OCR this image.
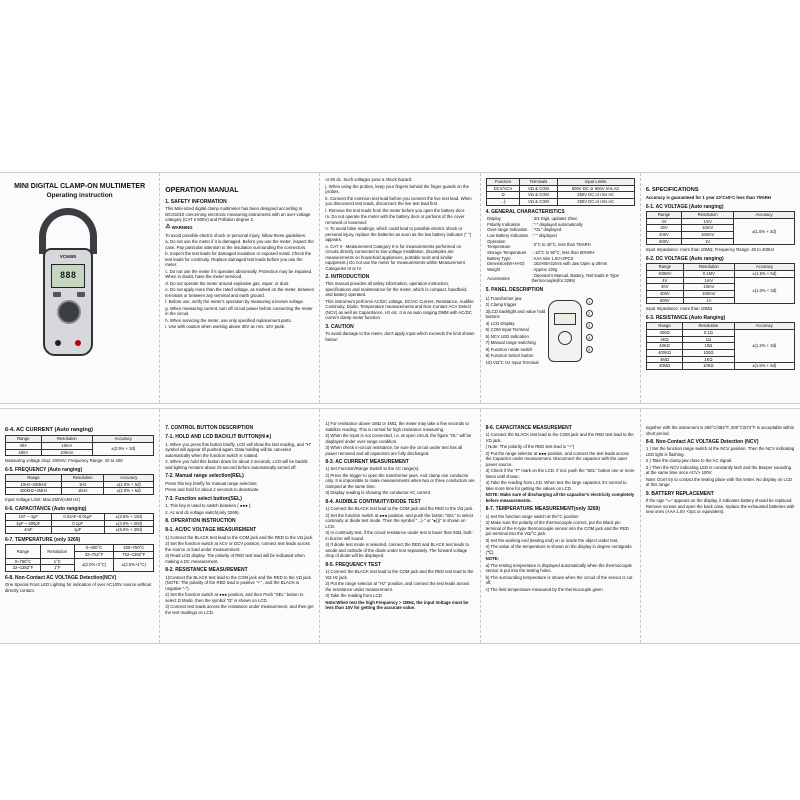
MINI DIGITAL CLAMP-ON MULTIMETER
Operating instruction
VC6080
888
OPERATION MANUAL
1. SAFETY INFORMATION

This Mini-sized digital clamp multimeter has been designed according to IEC61010 concerning electronic measuring instruments with an over-voltage category (CAT II 600V) and Pollution degree 2.

⚠ WARNING

To avoid possible electric shock or personal injury, follow these guidelines:

a. Do not use the meter if it is damaged. Before you use the meter, inspect the case. Pay particular attention to the insulation surrounding the connectors.

b. Inspect the test leads for damaged insulation or exposed metal. Check the test leads for continuity. Replace damaged test leads before you use the meter.

c. Do not use the meter if it operates abnormally. Protection may be impaired. When in doubt, have the meter serviced.

d. Do not operate the meter around explosive gas, vapor, or dust.

e. Do not apply more than the rated voltage, as marked on the meter, between terminals or between any terminal and earth ground.

f. Before use, verify the meter's operation by measuring a known voltage.

g. When measuring current, turn off circuit power before connecting the meter in the circuit.

h. When servicing the meter, use only specified replacement parts.

i. Use with caution when working above 30V ac rms, 42V peak,

or 60 dc. Such voltages pose a shock hazard.

j. When using the probes, keep your fingers behind the finger guards on the probes.

k. Connect the common test lead before you connect the live test lead. When you disconnect test leads, disconnect the live test lead first.

l. Remove the test leads from the meter before you open the battery door.

m. Do not operate the meter with the battery door or portions of the cover removed or loosened.

n. To avoid false readings, which could lead to possible electric shock or personal injury, replace the batteries as soon as the low battery indicator (" ") appears.

o. CAT II - Measurement Category II is for measurements performed on circuits directly connected to low voltage installation. (Examples are measurements on household appliances, portable tools and similar equipment.) Do not use the meter for measurements within Measurement Categories III or IV.

2. INTRODUCTION

This manual provides all safety information, operation instruction, specifications and maintenance for the meter, which is compact, handheld, and battery operated.

This instrument performs AC/DC voltage, DC/AC Current, Resistance, Audible Continuity, Diode, Temperature measurements and Non-Contact ACV Detect (NCV) as well as Capacitance, Hz etc. It is an auto ranging DMM with AC/DC current clamp meter function.

3. CAUTION

To avoid damage to the meter, don't apply input which exceeds the limit shown below:

Function	Terminals	Input Limits
DCV/ACV	VΩ & COM	600V DC or 600V rms AC
Ω	VΩ & COM	250V DC or rms AC
→|-	VΩ & COM	250V DC or rms AC
4. GENERAL CHARACTERISTICS
Display	: 3/4 Digit, updates 2/sec
Polarity Indication	: "-" displayed automatically
Over-range Indication	: "OL" displayed
Low Battery Indication	: " " displayed
Operation Temperature	: 0°C to 40°C, less than 75%RH
Storage Temperature	: -10°C to 50°C, less than 80%RH
Battery Type	: AAA size 1.5V×2PCS
Dimension(W×H×D)	: 183×65×32mm with Jaw Open φ 28mm
Weight	: Approx 130g
Accessories	: Operator's Manual, Battery, Test leads K-Type thermocouple(for 3269)
5. PANEL DESCRIPTION

1) Transformer jaw

2) Clamp trigger

3)LCD backlight and value hold buttons

4) LCD Display

5) COM Input Terminal

6) NCV LED Indication

7) Manual range switching

8) Function rotate switch

9) Function Select button

10) VΩ°C Hz Input Terminal

1
2
3
4
5
6. SPECIFICATIONS

Accuracy is guaranteed for 1 year 23°C±5°C less than 75%RH

6-1. AC VOLTAGE (Auto ranging)
Range	Resolution	Accuracy
4V	1mV	±(1.5% + 3d)
40V	10mV	
400V	100mV	
600V	1V	

Input Impedance: more than 10MΩ; Frequency Range: 40 to 400Hz

6-2. DC VOLTAGE (Auto ranging)
Range	Resolution	Accuracy
400MV	0.1MV	±(1.5% + 5d)
4V	1mV	±(1.0% + 3d)
40V	10mV	
400V	100mV	
600V	1V	

Input Impedance: more than 10MΩ

6-3. RESISTANCE (Auto Ranging)
Range	Resolution	Accuracy
400Ω	0.1Ω	±(1.2% + 3d)
4KΩ	1Ω	
40KΩ	10Ω	
400KΩ	100Ω	
4MΩ	1KΩ	
40MΩ	10KΩ	±(1.5% + 5d)
6-4. AC CURRENT (Auto ranging)
Range	Resolution	Accuracy
40A	10mA	±(2.5% + 3d)
400A	100mA	

Measuring voltage drop: 200mV; Frequency Range: 40 to 400

6-5. FREQUENCY (Auto ranging)
Range	Resolution	Accuracy
10Hz~400kHz	1Hz	±(1.0% + 5d)
400kHz~4MHz	1kHz	±(2.0% + 5d)

Input Voltage Limit: Max.250V(<4M Hz)

6-6. CAPACITANCE (Auto ranging)
1nF ~ 4μF	0.01nF~0.01μF	±(2.5% + 10d)
4μF ~ 400μF	0.1μF	±(4.0% + 20d)
4mF	1μF	±(5.0% + 30d)
6-7. TEMPERATURE (only 3269)
Range	Resolution	0~400°C	400~750°C
		32~752°F	752~1382°F
0~750°C	1°C	±(2.0%+3°C)	±(2.5%+1°C)
32~1382°F	1°F		
6-8. Non-Contact AC VOLTAGE Detection(NCV)

One Special Front LED Lighting for indication of over AC100V source without directly contact.

7. CONTROL BUTTON DESCRIPTION
7-1. HOLD AND LCD BACKLIT BUTTON(H/☀)

1. When you press this button briefly, LCD will show the last reading, and "H" symbol will appear till pushed again. Data holding will be canceled automatically when the function switch is rotated.

2. When you hold this button down for about 2 seconds, LCD will be backlit and lighting remains about 15 second before automatically turned off.

7-2. Manual range selection(REL)

Press this key briefly for manual range selection;

Press and hold for about 2 seconds to deactivate.

7-3. Function select button(SEL)

1. This key is used to switch between ( ●●● );

2. Ac and dc voltage switch(only 3269).

8. OPERATION INSTRUCTION
8-1. AC/DC VOLTAGE MEASUREMENT

1) Connect the BLACK test lead to the COM jack and the RED to the VΩ jack.

2) Set the function switch at ACV or DCV position, connect test leads across the source or load under measurement.

3) Read LCD display. The polarity of RED test lead will be indicated when making a DC measurement.

8-2. RESISTANCE MEASUREMENT

1)Connect the BLACK test lead to the COM jack and the RED to the VΩ jack. (NOTE: The polarity of the RED lead is positive "+" , and the BLACK is negative "-").

2) Set the function switch at ●●● position, and then Push "SEL" button to select Ω Mode, then the symbol "Ω" is shown on LCD.

3) Connect test leads across the resistance under measurement, and then get the test readings on LCD.

1) For resistance above 1MΩ or 4MΩ, the meter may take a few seconds to stabilize reading. This is normal for high resistance measuring.

2) When the input is not connected, i.e. at open circuit, the figure "OL" will be displayed under over-range condition.

3) When check in-circuit resistance, be sure the circuit under test has all power removed and all capacitors are fully discharged.

8-3. AC CURRENT MEASUREMENT

1) Set Function/Range Switch to the AC range(s).

2) Press the trigger to open the transformer jaws. And clamp one conductor only. It is impossible to make measurements when two or three conductors are clamped at the same time.

3) Display reading is showing the conductor AC current.

8-4. AUDIBLE CONTINUITY/DIODE TEST

1) Connect the BLACK test lead to the COM jack and the RED to the VΩ jack.

2) Set the function switch at ●●● position, and push the button "SEL" to select continuity or diode test mode. Then the symbol "→|-" or "●)))" is shown on LCD.

3) In continuity test, if the circuit resistance under test is lower than 50Ω, built-in buzzer will sound.

4) If diode test mode is selected, connect the RED and BLACK test leads to anode and cathode of the diode under test separately. The forward voltage drop of diode will be displayed.

8-5. FREQUENCY TEST

1) Connect the BLACK test lead to the COM jack and the RED test lead to the VΩ Hz jack.

2) Put the range selector at "Hz" position, and connect the test leads across the resistance under measurement.

3) Take the reading from LCD.

Note:When test the high Frequency > 1MHz, the input Voltage must be less than 10V for getting the accurate value.

8-6. CAPACITANCE MEASUREMENT

1) Connect the BLACK test lead to the COM jack and the RED test lead to the VΩ jack.

( Note: The polarity of the RED test lead is "+")

2) Put the range selector at ●●● position, and connect the test leads across the Capacitor under measurement. Disconnect the capacitor with the outer power source.

3) Check if the "F" mark on the LCD. If not, push the "SEL" button one or more times until shown.

4) Take the reading from LCD. When test the large capacitor, it's normal to take more time for getting the values on LCD.

NOTE: Make sure of discharging all the capacitor's electricity completely before measurements.

8-7. TEMPERATURE MEASUREMENT(only 3269)

1) Set the function range switch at the°C position

2) Make sure the polarity of the thermocouple correct, put the Black pin terminal of the K-type thermocouple sensor into the COM jack and the RED pin terminal into the VΩ/°C jack.

3) Set the working end (testing end) on or inside the object under test.

4) The value of the temperature is shown on the display in degree centigrade (℃).

NOTE:

a) The testing temperature is displayed automatically when the thermocouple sensor is put into the testing holes.

b) The surrounding temperature is shown when the circuit of the sensor is cut off.

c) The limit temperature measured by the thermocouple given

together with the instrument is 250°C/482°F, 300°C/572°F is acceptable within short period.

8-8. Non-Contact AC VOLTAGE Detection (NCV)

1 ) Set the function range switch at the NCV position. Then the NCV indicating LED light is flashing.

2 ) Take the clamp jaw close to the AC signal.

3 ) Then the NCV indicating LED is constantly lash and the Beeper sounding at the same time once ACV> 100V.

Note: Don't try to contact the testing place with this tester. No display on LCD at this range.

9. BATTERY REPLACEMENT

If the sign "▭" appears on the display, it indicates battery should be replaced. Remove screws and open the back case, replace the exhausted batteries with new ones (AAA 1.5V ×2pc or equivalent).
